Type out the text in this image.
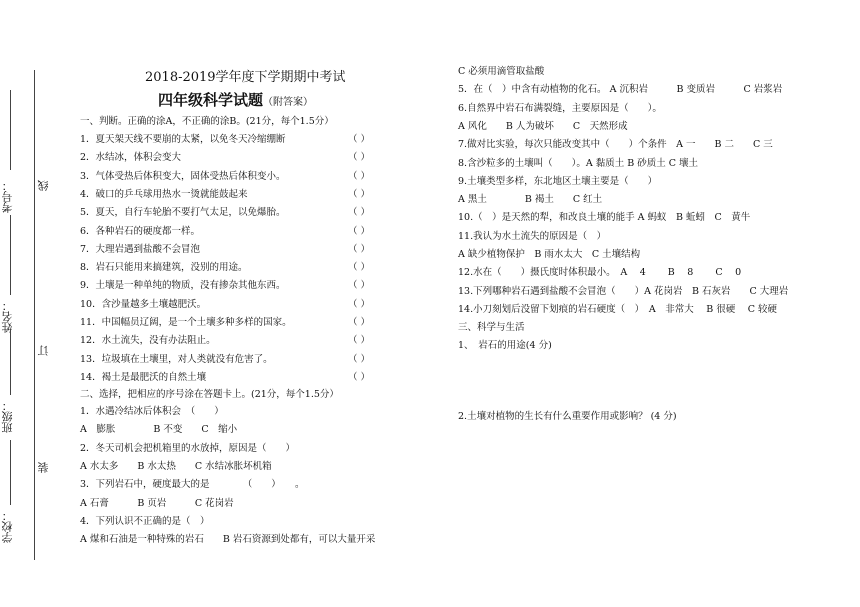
考号：
姓名：
班级：
学校：
线
订
装
2018-2019学年度下学期期中考试
四年级科学试题（附答案）
一、判断。正确的涂A，不正确的涂B。(21分，每个1.5分）
1．夏天架天线不要崩的太紧，以免冬天冷缩绷断	（ ）
2．水结冰，体积会变大	（ ）
3．气体受热后体积变大，固体受热后体积变小。	（ ）
4．破口的乒乓球用热水一烫就能鼓起来	（ ）
5．夏天，自行车轮胎不要打气太足，以免爆胎。	（ ）
6．各种岩石的硬度都一样。	（ ）
7．大理岩遇到盐酸不会冒泡	（ ）
8．岩石只能用来搞建筑，没别的用途。	（ ）
9．土壤是一种单纯的物质，没有掺杂其他东西。	（ ）
10．含沙量越多土壤越肥沃。	（ ）
11．中国幅员辽阔，是一个土壤多种多样的国家。	（ ）
12．水土流失，没有办法阻止。	（ ）
13．垃圾填在土壤里，对人类就没有危害了。	（ ）
14．褐土是最肥沃的自然土壤	（ ）
二、选择，把相应的序号涂在答题卡上。(21分，每个1.5分）
1．水遇冷结冰后体积会　（　　）
A　膨胀　　　　B 不变　　C　缩小
2．冬天司机会把机箱里的水放掉，原因是（　　）
A 水太多　　B 水太热　　C 水结冰胀坏机箱
3．下列岩石中，硬度最大的是　　　　（　　）　　。
A 石膏　　　B 页岩　　　C 花岗岩
4．下列认识不正确的是（　）
A 煤和石油是一种特殊的岩石　　B 岩石资源到处都有，可以大量开采
C 必须用滴管取盐酸
5．在（　）中含有动植物的化石。 A 沉积岩　　　B 变质岩　　　C 岩浆岩
6.自然界中岩石布满裂缝，主要原因是（　　）。
A 风化　　B 人为破坏　　C　天然形成
7.做对比实验，每次只能改变其中（　　）个条件　A 一　　B 二　　C 三
8.含沙粒多的土壤叫（　　）。A 黏质土 B 砂质土 C 壤土
9.土壤类型多样，东北地区土壤主要是（　　）
A 黑土　　　　B 褐土　　C 红土
10.（　）是天然的犁，和改良土壤的能手 A 蚂蚁　B 蚯蚓　C　黄牛
11.我认为水土流失的原因是（　）
A 缺少植物保护　B 雨水太大　C 土壤结构
12.水在（　　）摄氏度时体积最小。　A　 4　　 B　 8　　 C　 0
13.下列哪种岩石遇到盐酸不会冒泡（　　）A 花岗岩　B 石灰岩　　C 大理岩
14.小刀刻划后没留下划痕的岩石硬度（　）　A　非常大　 B 很硬　 C 较硬
三、科学与生活
1、　岩石的用途(4 分)
2.土壤对植物的生长有什么重要作用或影响？ (4 分)
